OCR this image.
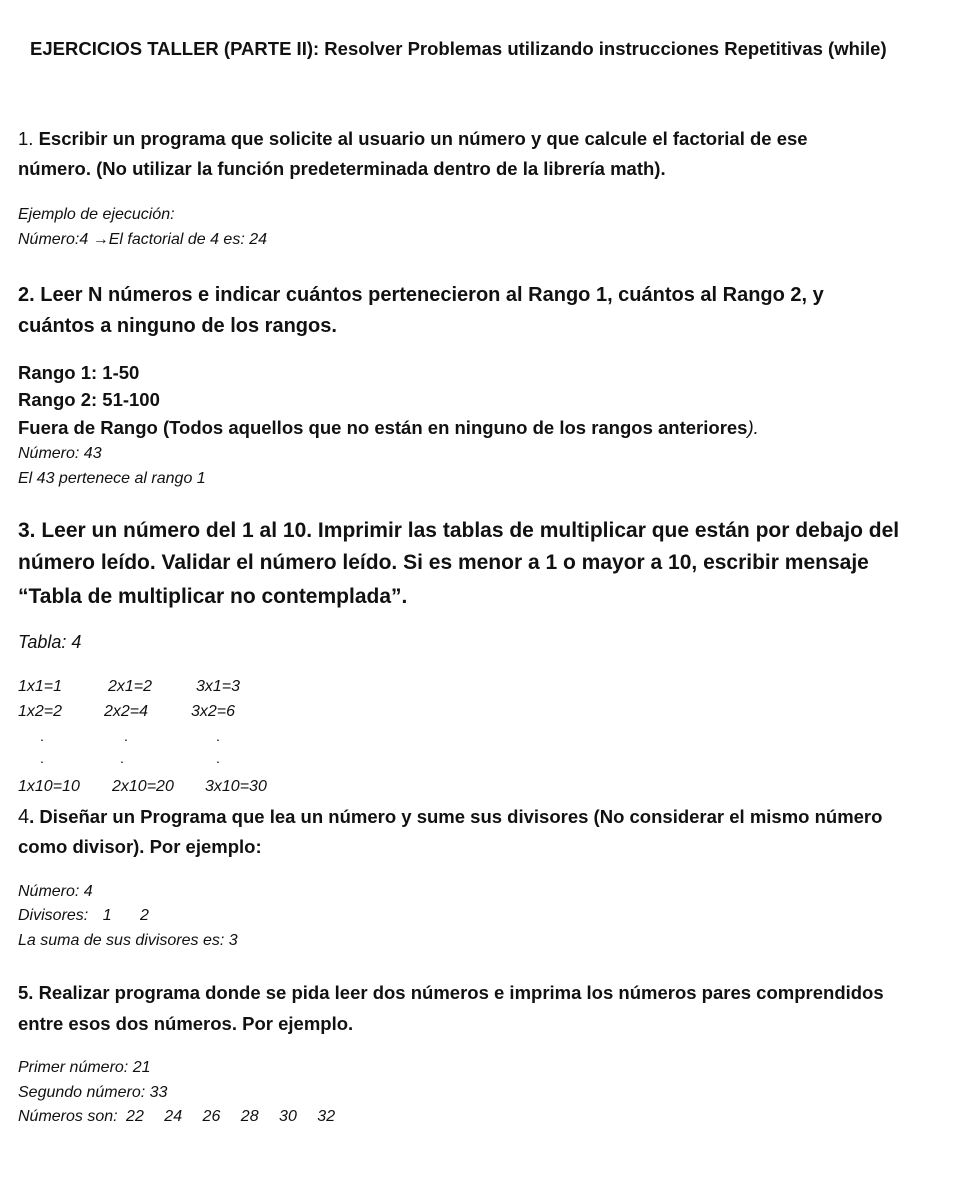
EJERCICIOS TALLER (PARTE II): Resolver Problemas utilizando instrucciones Repetitivas (while)
1. Escribir un programa que solicite al usuario un número y que calcule el factorial de ese
número. (No utilizar la función predeterminada dentro de la librería math).
Ejemplo de ejecución:
Número:4 →El factorial de 4 es: 24
2. Leer N números e indicar cuántos pertenecieron al Rango 1, cuántos al Rango 2, y
cuántos a ninguno de los rangos.
Rango 1: 1-50
Rango 2: 51-100
Fuera de Rango (Todos aquellos que no están en ninguno de los rangos anteriores).
Número: 43
El 43 pertenece al rango 1
3. Leer un número del 1 al 10. Imprimir las tablas de multiplicar que están por debajo del
número leído. Validar el número leído. Si es menor a 1 o mayor a 10, escribir mensaje
“Tabla de multiplicar no contemplada”.
Tabla: 4
1x1=1	2x1=2	3x1=3
1x2=2	2x2=4	3x2=6
.	.	.
.	.	.
1x10=10 2x10=20 3x10=30
4. Diseñar un Programa que lea un número y sume sus divisores (No considerar el mismo número
como divisor). Por ejemplo:
Número: 4
Divisores: 1 2
La suma de sus divisores es: 3
5. Realizar programa donde se pida leer dos números e imprima los números pares comprendidos
entre esos dos números. Por ejemplo.
Primer número: 21
Segundo número: 33
Números son: 22 24 26 28 30 32
